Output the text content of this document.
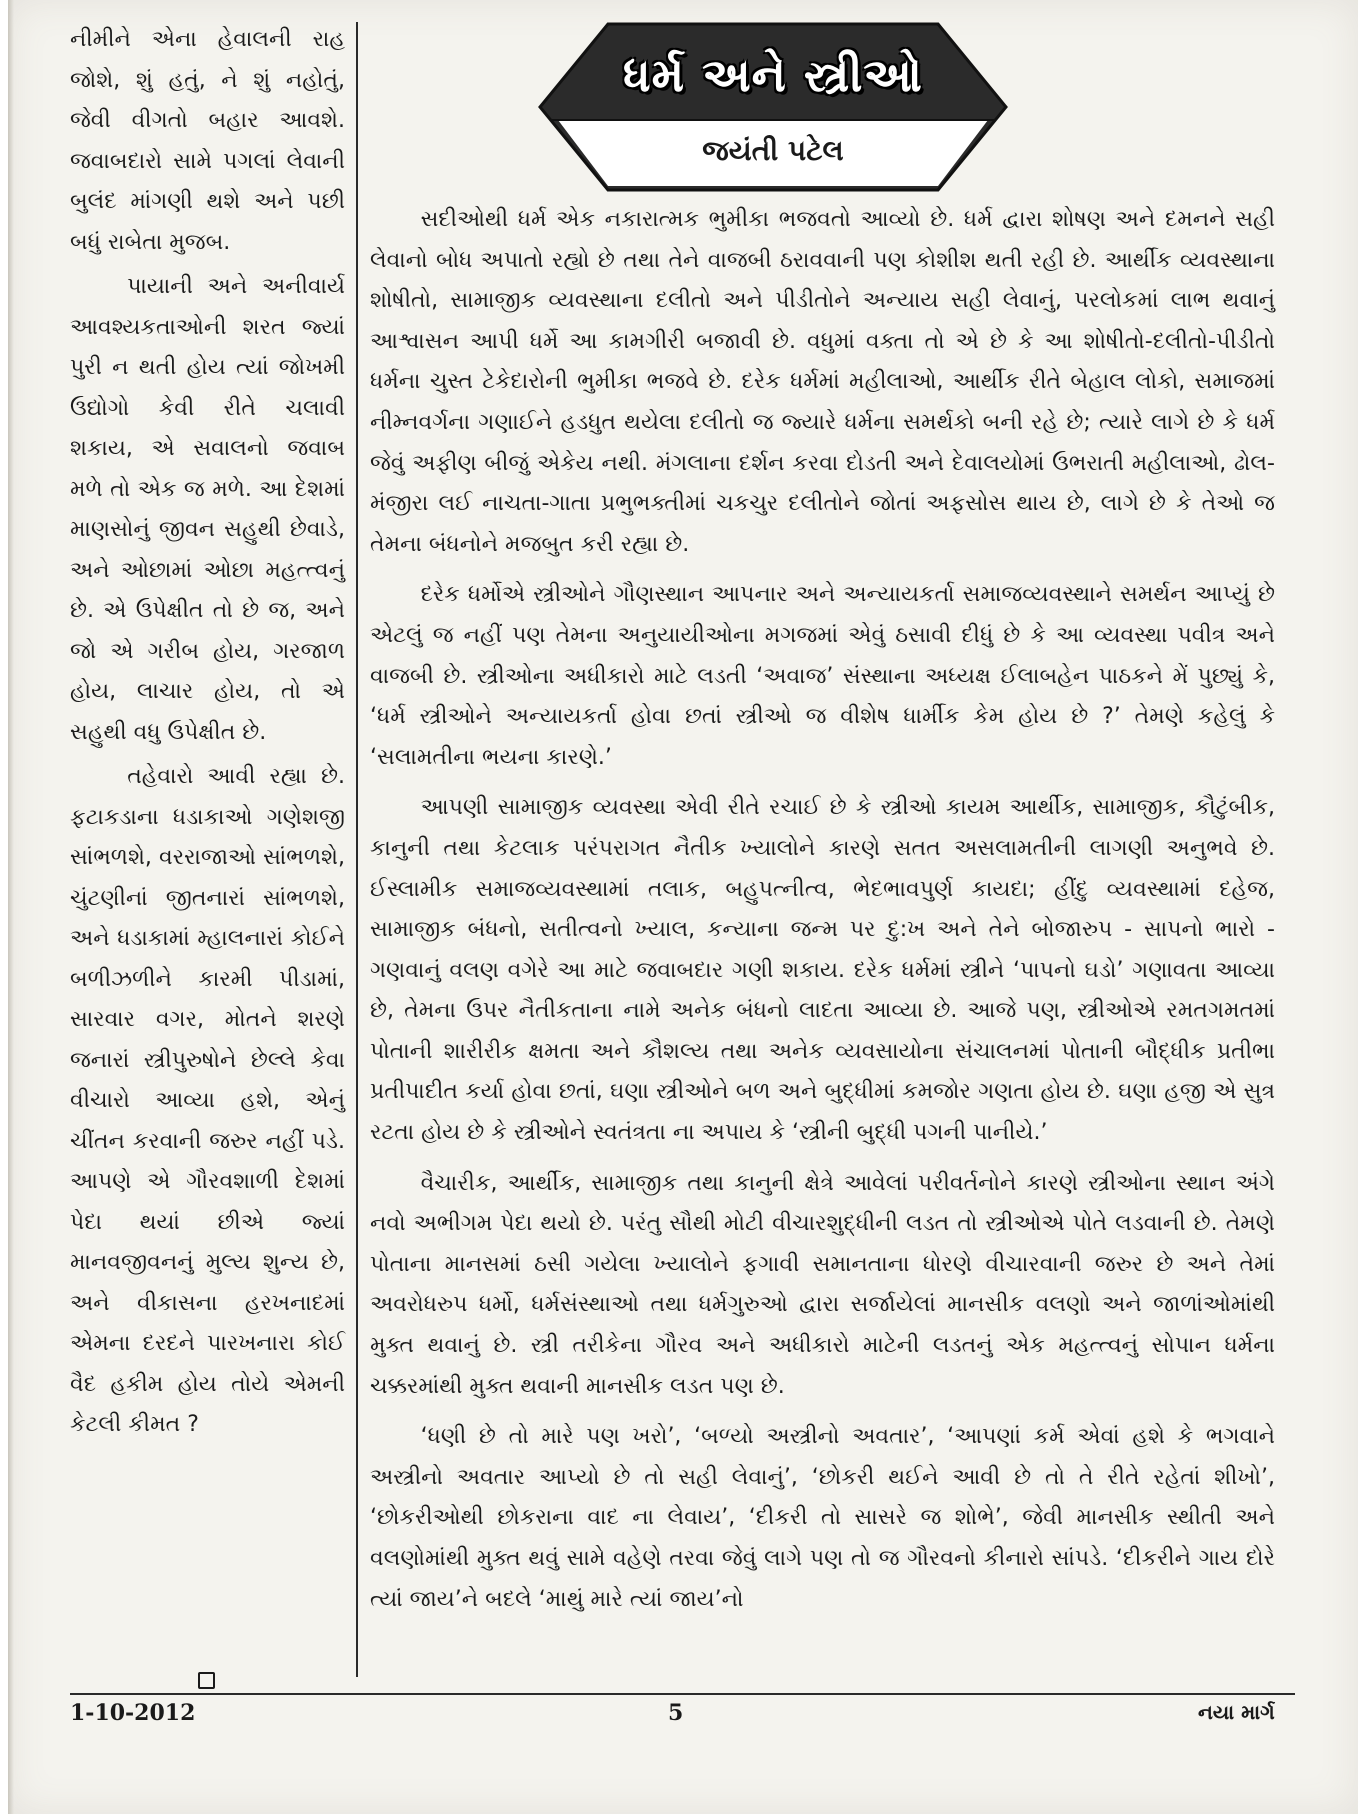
નીમીને એના હેવાલની રાહ જોશે, શું હતું, ને શું નહોતું, જેવી વીગતો બહાર આવશે. જવાબદારો સામે પગલાં લેવાની બુલંદ માંગણી થશે અને પછી બધું રાબેતા મુજબ.

પાયાની અને અનીવાર્ય આવશ્યકતાઓની શરત જ્યાં પુરી ન થતી હોય ત્યાં જોખમી ઉદ્યોગો કેવી રીતે ચલાવી શકાય, એ સવાલનો જવાબ મળે તો એક જ મળે. આ દેશમાં માણસોનું જીવન સહુથી છેવાડે, અને ઓછામાં ઓછા મહત્ત્વનું છે. એ ઉપેક્ષીત તો છે જ, અને જો એ ગરીબ હોય, ગરજાળ હોય, લાચાર હોય, તો એ સહુથી વધુ ઉપેક્ષીત છે.

તહેવારો આવી રહ્યા છે. ફટાકડાના ધડાકાઓ ગણેશજી સાંભળશે, વરરાજાઓ સાંભળશે, ચુંટણીનાં જીતનારાં સાંભળશે, અને ધડાકામાં મ્હાલનારાં કોઈને બળીઝળીને કારમી પીડામાં, સારવાર વગર, મોતને શરણે જનારાં સ્ત્રીપુરુષોને છેલ્લે કેવા વીચારો આવ્યા હશે, એનું ચીંતન કરવાની જરુર નહીં પડે. આપણે એ ગૌરવશાળી દેશમાં પેદા થયાં છીએ જ્યાં માનવજીવનનું મુલ્ય શુન્ય છે, અને વીકાસના હરખનાદમાં એમના દરદને પારખનારા કોઈ વૈદ હકીમ હોય તોયે એમની કેટલી કીમત ?

ધર્મ અને સ્ત્રીઓ
જયંતી પટેલ

સદીઓથી ધર્મ એક નકારાત્મક ભુમીકા ભજવતો આવ્યો છે. ધર્મ દ્વારા શોષણ અને દમનને સહી લેવાનો બોધ અપાતો રહ્યો છે તથા તેને વાજબી ઠરાવવાની પણ કોશીશ થતી રહી છે. આર્થીક વ્યવસ્થાના શોષીતો, સામાજીક વ્યવસ્થાના દલીતો અને પીડીતોને અન્યાય સહી લેવાનું, પરલોકમાં લાભ થવાનું આશ્વાસન આપી ધર્મે આ કામગીરી બજાવી છે. વધુમાં વક્તા તો એ છે કે આ શોષીતો-દલીતો-પીડીતો ધર્મના ચુસ્ત ટેકેદારોની ભુમીકા ભજવે છે. દરેક ધર્મમાં મહીલાઓ, આર્થીક રીતે બેહાલ લોકો, સમાજમાં નીમ્નવર્ગના ગણાઈને હડધુત થયેલા દલીતો જ જ્યારે ધર્મના સમર્થકો બની રહે છે; ત્યારે લાગે છે કે ધર્મ જેવું અફીણ બીજું એકેય નથી. મંગલાના દર્શન કરવા દોડતી અને દેવાલયોમાં ઉભરાતી મહીલાઓ, ઢોલ-મંજીરા લઈ નાચતા-ગાતા પ્રભુભક્તીમાં ચકચુર દલીતોને જોતાં અફસોસ થાય છે, લાગે છે કે તેઓ જ તેમના બંધનોને મજબુત કરી રહ્યા છે.

દરેક ધર્મોએ સ્ત્રીઓને ગૌણસ્થાન આપનાર અને અન્યાયકર્તા સમાજવ્યવસ્થાને સમર્થન આપ્યું છે એટલું જ નહીં પણ તેમના અનુયાયીઓના મગજમાં એવું ઠસાવી દીધું છે કે આ વ્યવસ્થા પવીત્ર અને વાજબી છે. સ્ત્રીઓના અધીકારો માટે લડતી ‘અવાજ’ સંસ્થાના અધ્યક્ષ ઈલાબહેન પાઠકને મેં પુછ્યું કે, ‘ધર્મ સ્ત્રીઓને અન્યાયકર્તા હોવા છતાં સ્ત્રીઓ જ વીશેષ ધાર્મીક કેમ હોય છે ?’ તેમણે કહેલું કે ‘સલામતીના ભયના કારણે.’

આપણી સામાજીક વ્યવસ્થા એવી રીતે રચાઈ છે કે સ્ત્રીઓ કાયમ આર્થીક, સામાજીક, કૌટુંબીક, કાનુની તથા કેટલાક પરંપરાગત નૈતીક ખ્યાલોને કારણે સતત અસલામતીની લાગણી અનુભવે છે. ઈસ્લામીક સમાજવ્યવસ્થામાં તલાક, બહુપત્નીત્વ, ભેદભાવપુર્ણ કાયદા; હીંદુ વ્યવસ્થામાં દહેજ, સામાજીક બંધનો, સતીત્વનો ખ્યાલ, કન્યાના જન્મ પર દુ:ખ અને તેને બોજારુપ - સાપનો ભારો - ગણવાનું વલણ વગેરે આ માટે જવાબદાર ગણી શકાય. દરેક ધર્મમાં સ્ત્રીને ‘પાપનો ઘડો’ ગણાવતા આવ્યા છે, તેમના ઉપર નૈતીકતાના નામે અનેક બંધનો લાદતા આવ્યા છે. આજે પણ, સ્ત્રીઓએ રમતગમતમાં પોતાની શારીરીક ક્ષમતા અને કૌશલ્ય તથા અનેક વ્યવસાયોના સંચાલનમાં પોતાની બૌદ્ધીક પ્રતીભા પ્રતીપાદીત કર્યા હોવા છતાં, ઘણા સ્ત્રીઓને બળ અને બુદ્ધીમાં કમજોર ગણતા હોય છે. ઘણા હજી એ સુત્ર રટતા હોય છે કે સ્ત્રીઓને સ્વતંત્રતા ના અપાય કે ‘સ્ત્રીની બુદ્ધી પગની પાનીયે.’

વૈચારીક, આર્થીક, સામાજીક તથા કાનુની ક્ષેત્રે આવેલાં પરીવર્તનોને કારણે સ્ત્રીઓના સ્થાન અંગે નવો અભીગમ પેદા થયો છે. પરંતુ સૌથી મોટી વીચારશુદ્ધીની લડત તો સ્ત્રીઓએ પોતે લડવાની છે. તેમણે પોતાના માનસમાં ઠસી ગયેલા ખ્યાલોને ફગાવી સમાનતાના ધોરણે વીચારવાની જરુર છે અને તેમાં અવરોધરુપ ધર્મો, ધર્મસંસ્થાઓ તથા ધર્મગુરુઓ દ્વારા સર્જાયેલાં માનસીક વલણો અને જાળાંઓમાંથી મુક્ત થવાનું છે. સ્ત્રી તરીકેના ગૌરવ અને અધીકારો માટેની લડતનું એક મહત્ત્વનું સોપાન ધર્મના ચક્કરમાંથી મુક્ત થવાની માનસીક લડત પણ છે.

‘ધણી છે તો મારે પણ ખરો’, ‘બળ્યો અસ્ત્રીનો અવતાર’, ‘આપણાં કર્મ એવાં હશે કે ભગવાને અસ્ત્રીનો અવતાર આપ્યો છે તો સહી લેવાનું’, ‘છોકરી થઈને આવી છે તો તે રીતે રહેતાં શીખો’, ‘છોકરીઓથી છોકરાના વાદ ના લેવાય’, ‘દીકરી તો સાસરે જ શોભે’, જેવી માનસીક સ્થીતી અને વલણોમાંથી મુક્ત થવું સામે વહેણે તરવા જેવું લાગે પણ તો જ ગૌરવનો કીનારો સાંપડે. ‘દીકરીને ગાય દોરે ત્યાં જાય’ને બદલે ‘માથું મારે ત્યાં જાય’નો

1-10-2012	5	નયા માર્ગ
